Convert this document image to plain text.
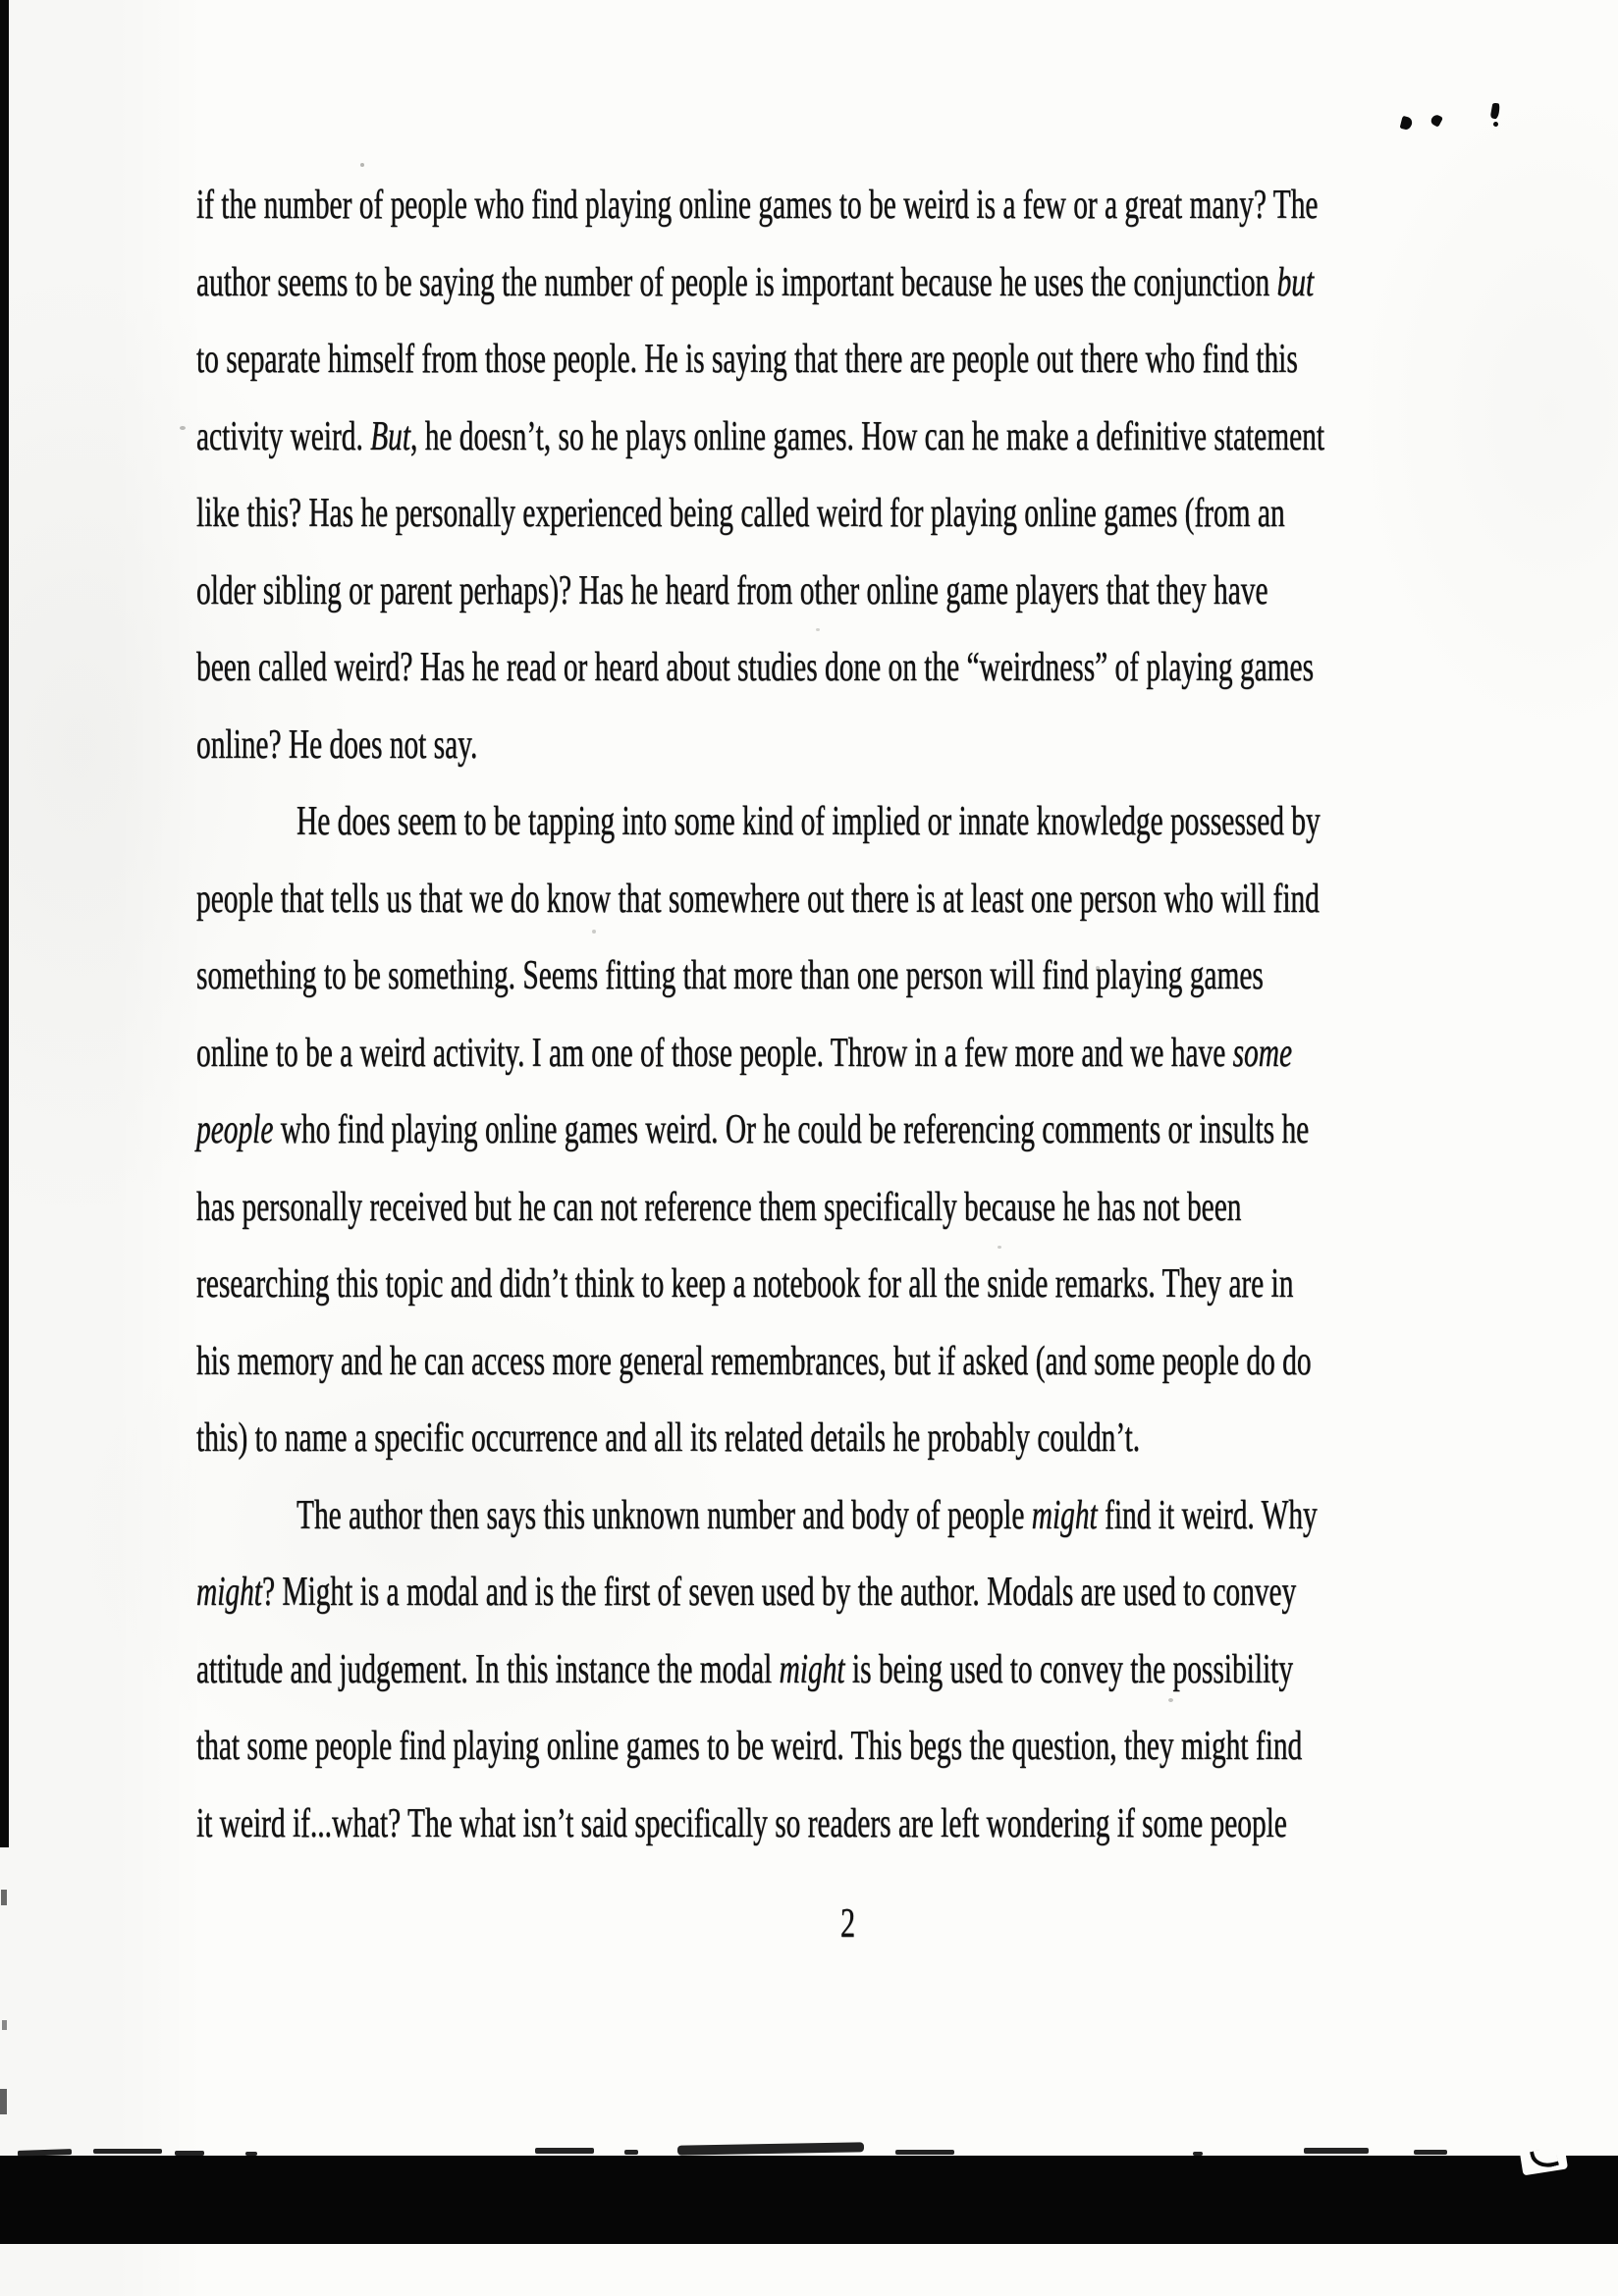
if the number of people who find playing online games to be weird is a few or a great many? The
author seems to be saying the number of people is important because he uses the conjunction but
to separate himself from those people. He is saying that there are people out there who find this
activity weird. But, he doesn’t, so he plays online games. How can he make a definitive statement
like this? Has he personally experienced being called weird for playing online games (from an
older sibling or parent perhaps)? Has he heard from other online game players that they have
been called weird? Has he read or heard about studies done on the “weirdness” of playing games
online? He does not say.
He does seem to be tapping into some kind of implied or innate knowledge possessed by
people that tells us that we do know that somewhere out there is at least one person who will find
something to be something. Seems fitting that more than one person will find playing games
online to be a weird activity. I am one of those people. Throw in a few more and we have some
people who find playing online games weird. Or he could be referencing comments or insults he
has personally received but he can not reference them specifically because he has not been
researching this topic and didn’t think to keep a notebook for all the snide remarks. They are in
his memory and he can access more general remembrances, but if asked (and some people do do
this) to name a specific occurrence and all its related details he probably couldn’t.
The author then says this unknown number and body of people might find it weird. Why
might? Might is a modal and is the first of seven used by the author. Modals are used to convey
attitude and judgement. In this instance the modal might is being used to convey the possibility
that some people find playing online games to be weird. This begs the question, they might find
it weird if...what? The what isn’t said specifically so readers are left wondering if some people
2
